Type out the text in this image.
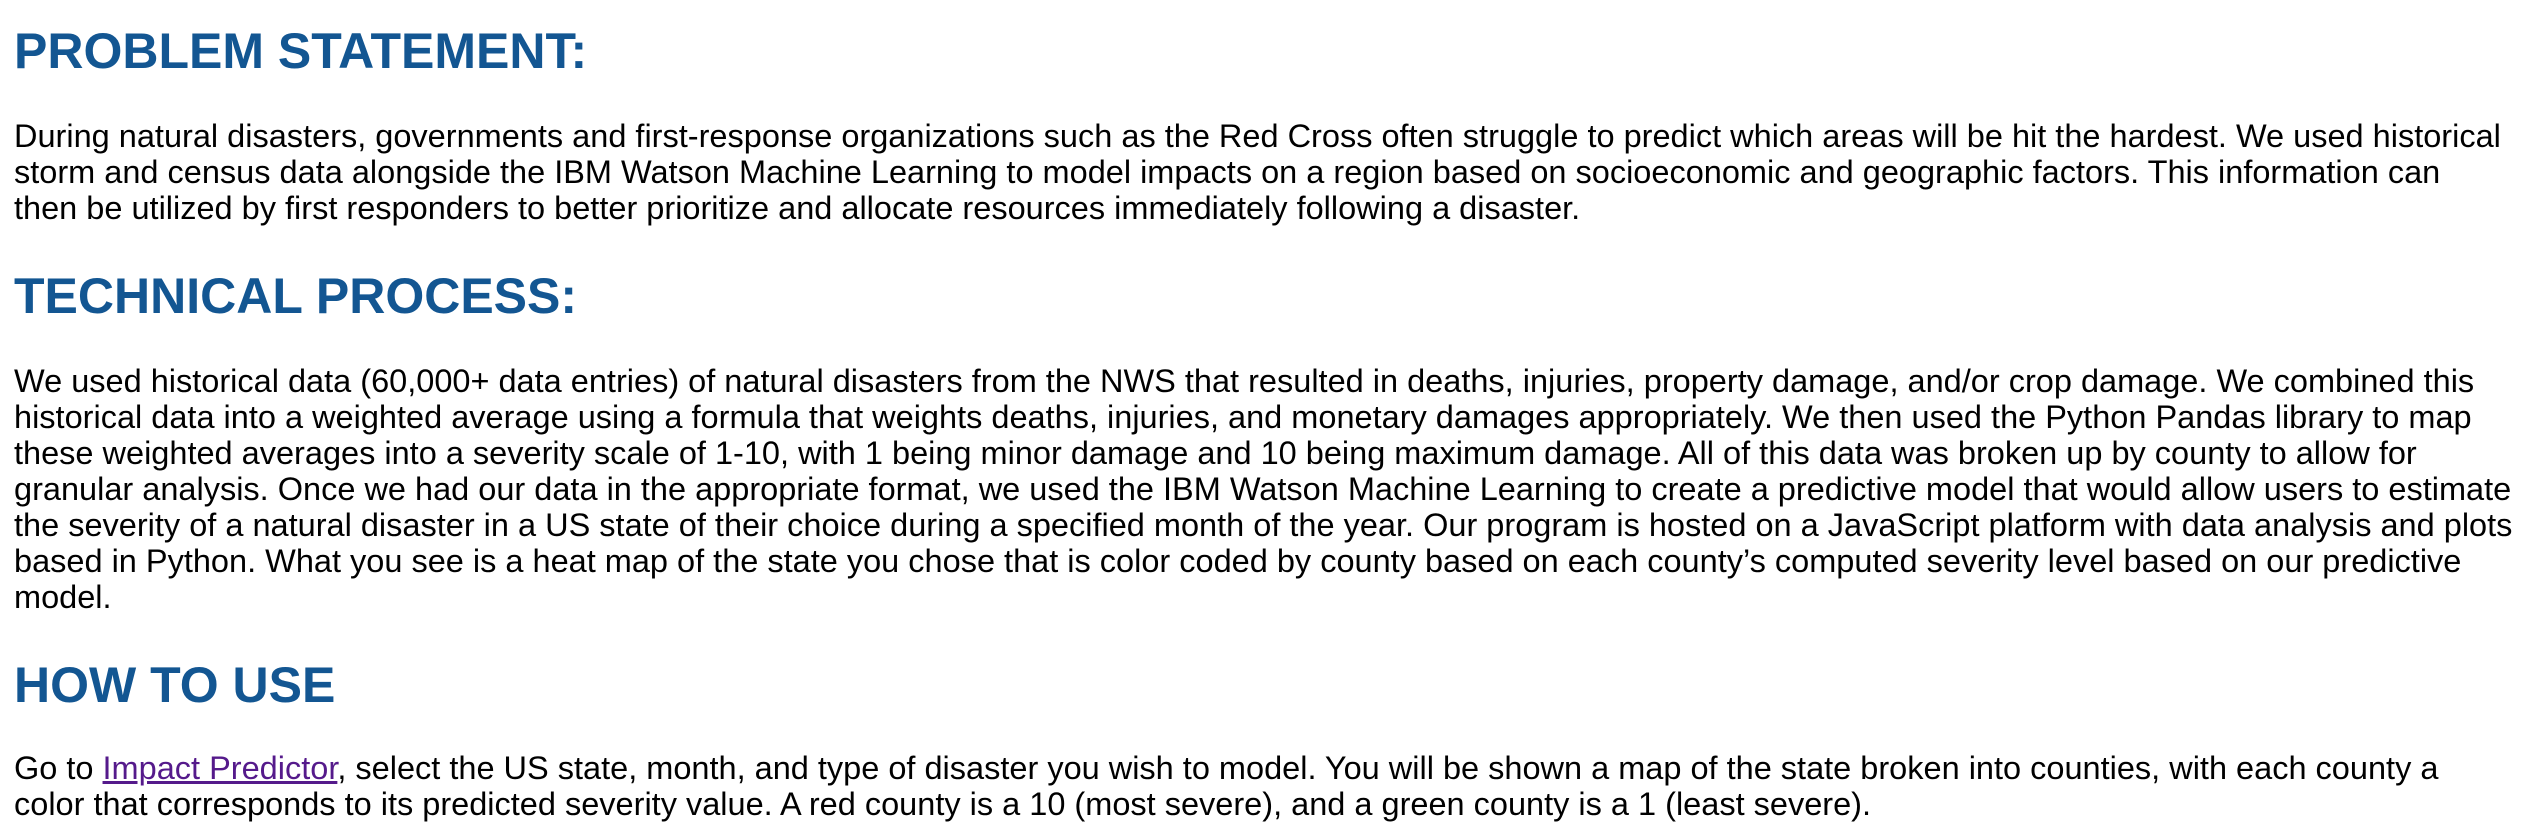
PROBLEM STATEMENT:

During natural disasters, governments and first-response organizations such as the Red Cross often struggle to predict which areas will be hit the hardest. We used historical storm and census data alongside the IBM Watson Machine Learning to model impacts on a region based on socioeconomic and geographic factors. This information can then be utilized by first responders to better prioritize and allocate resources immediately following a disaster.

TECHNICAL PROCESS:

We used historical data (60,000+ data entries) of natural disasters from the NWS that resulted in deaths, injuries, property damage, and/or crop damage. We combined this historical data into a weighted average using a formula that weights deaths, injuries, and monetary damages appropriately. We then used the Python Pandas library to map these weighted averages into a severity scale of 1-10, with 1 being minor damage and 10 being maximum damage. All of this data was broken up by county to allow for granular analysis. Once we had our data in the appropriate format, we used the IBM Watson Machine Learning to create a predictive model that would allow users to estimate the severity of a natural disaster in a US state of their choice during a specified month of the year. Our program is hosted on a JavaScript platform with data analysis and plots based in Python. What you see is a heat map of the state you chose that is color coded by county based on each county’s computed severity level based on our predictive model.

HOW TO USE

Go to Impact Predictor, select the US state, month, and type of disaster you wish to model. You will be shown a map of the state broken into counties, with each county a color that corresponds to its predicted severity value. A red county is a 10 (most severe), and a green county is a 1 (least severe).
